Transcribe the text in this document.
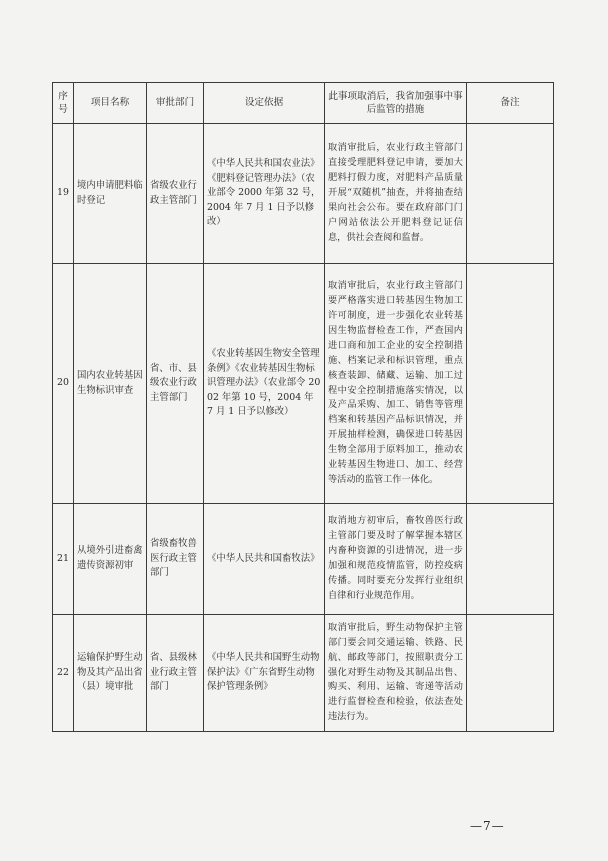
序号	项目名称	审批部门	设定依据	此事项取消后，我省加强事中事后监管的措施	备注
19	境内申请肥料临时登记	省级农业行政主管部门	《中华人民共和国农业法》《肥料登记管理办法》（农业部令 2000 年第 32 号，2004 年 7 月 1 日予以修改）	取消审批后，农业行政主管部门直接受理肥料登记申请，要加大肥料打假力度，对肥料产品质量开展“双随机”抽查，并将抽查结果向社会公布。要在政府部门门户网站依法公开肥料登记证信息，供社会查阅和监督。	
20	国内农业转基因生物标识审查	省、市、县级农业行政主管部门	《农业转基因生物安全管理条例》《农业转基因生物标识管理办法》（农业部令 2002 年第 10 号，2004 年 7 月 1 日予以修改）	取消审批后，农业行政主管部门要严格落实进口转基因生物加工许可制度，进一步强化农业转基因生物监督检查工作，严查国内进口商和加工企业的安全控制措施、档案记录和标识管理，重点核查装卸、储藏、运输、加工过程中安全控制措施落实情况，以及产品采购、加工、销售等管理档案和转基因产品标识情况，并开展抽样检测，确保进口转基因生物全部用于原料加工，推动农业转基因生物进口、加工、经营等活动的监管工作一体化。	
21	从境外引进畜禽遗传资源初审	省级畜牧兽医行政主管部门	《中华人民共和国畜牧法》	取消地方初审后，畜牧兽医行政主管部门要及时了解掌握本辖区内畜种资源的引进情况，进一步加强和规范疫情监管，防控疫病传播。同时要充分发挥行业组织自律和行业规范作用。	
22	运输保护野生动物及其产品出省（县）境审批	省、县级林业行政主管部门	《中华人民共和国野生动物保护法》《广东省野生动物保护管理条例》	取消审批后，野生动物保护主管部门要会同交通运输、铁路、民航、邮政等部门，按照职责分工强化对野生动物及其制品出售、购买、利用、运输、寄递等活动进行监督检查和检验，依法查处违法行为。	
—7—
